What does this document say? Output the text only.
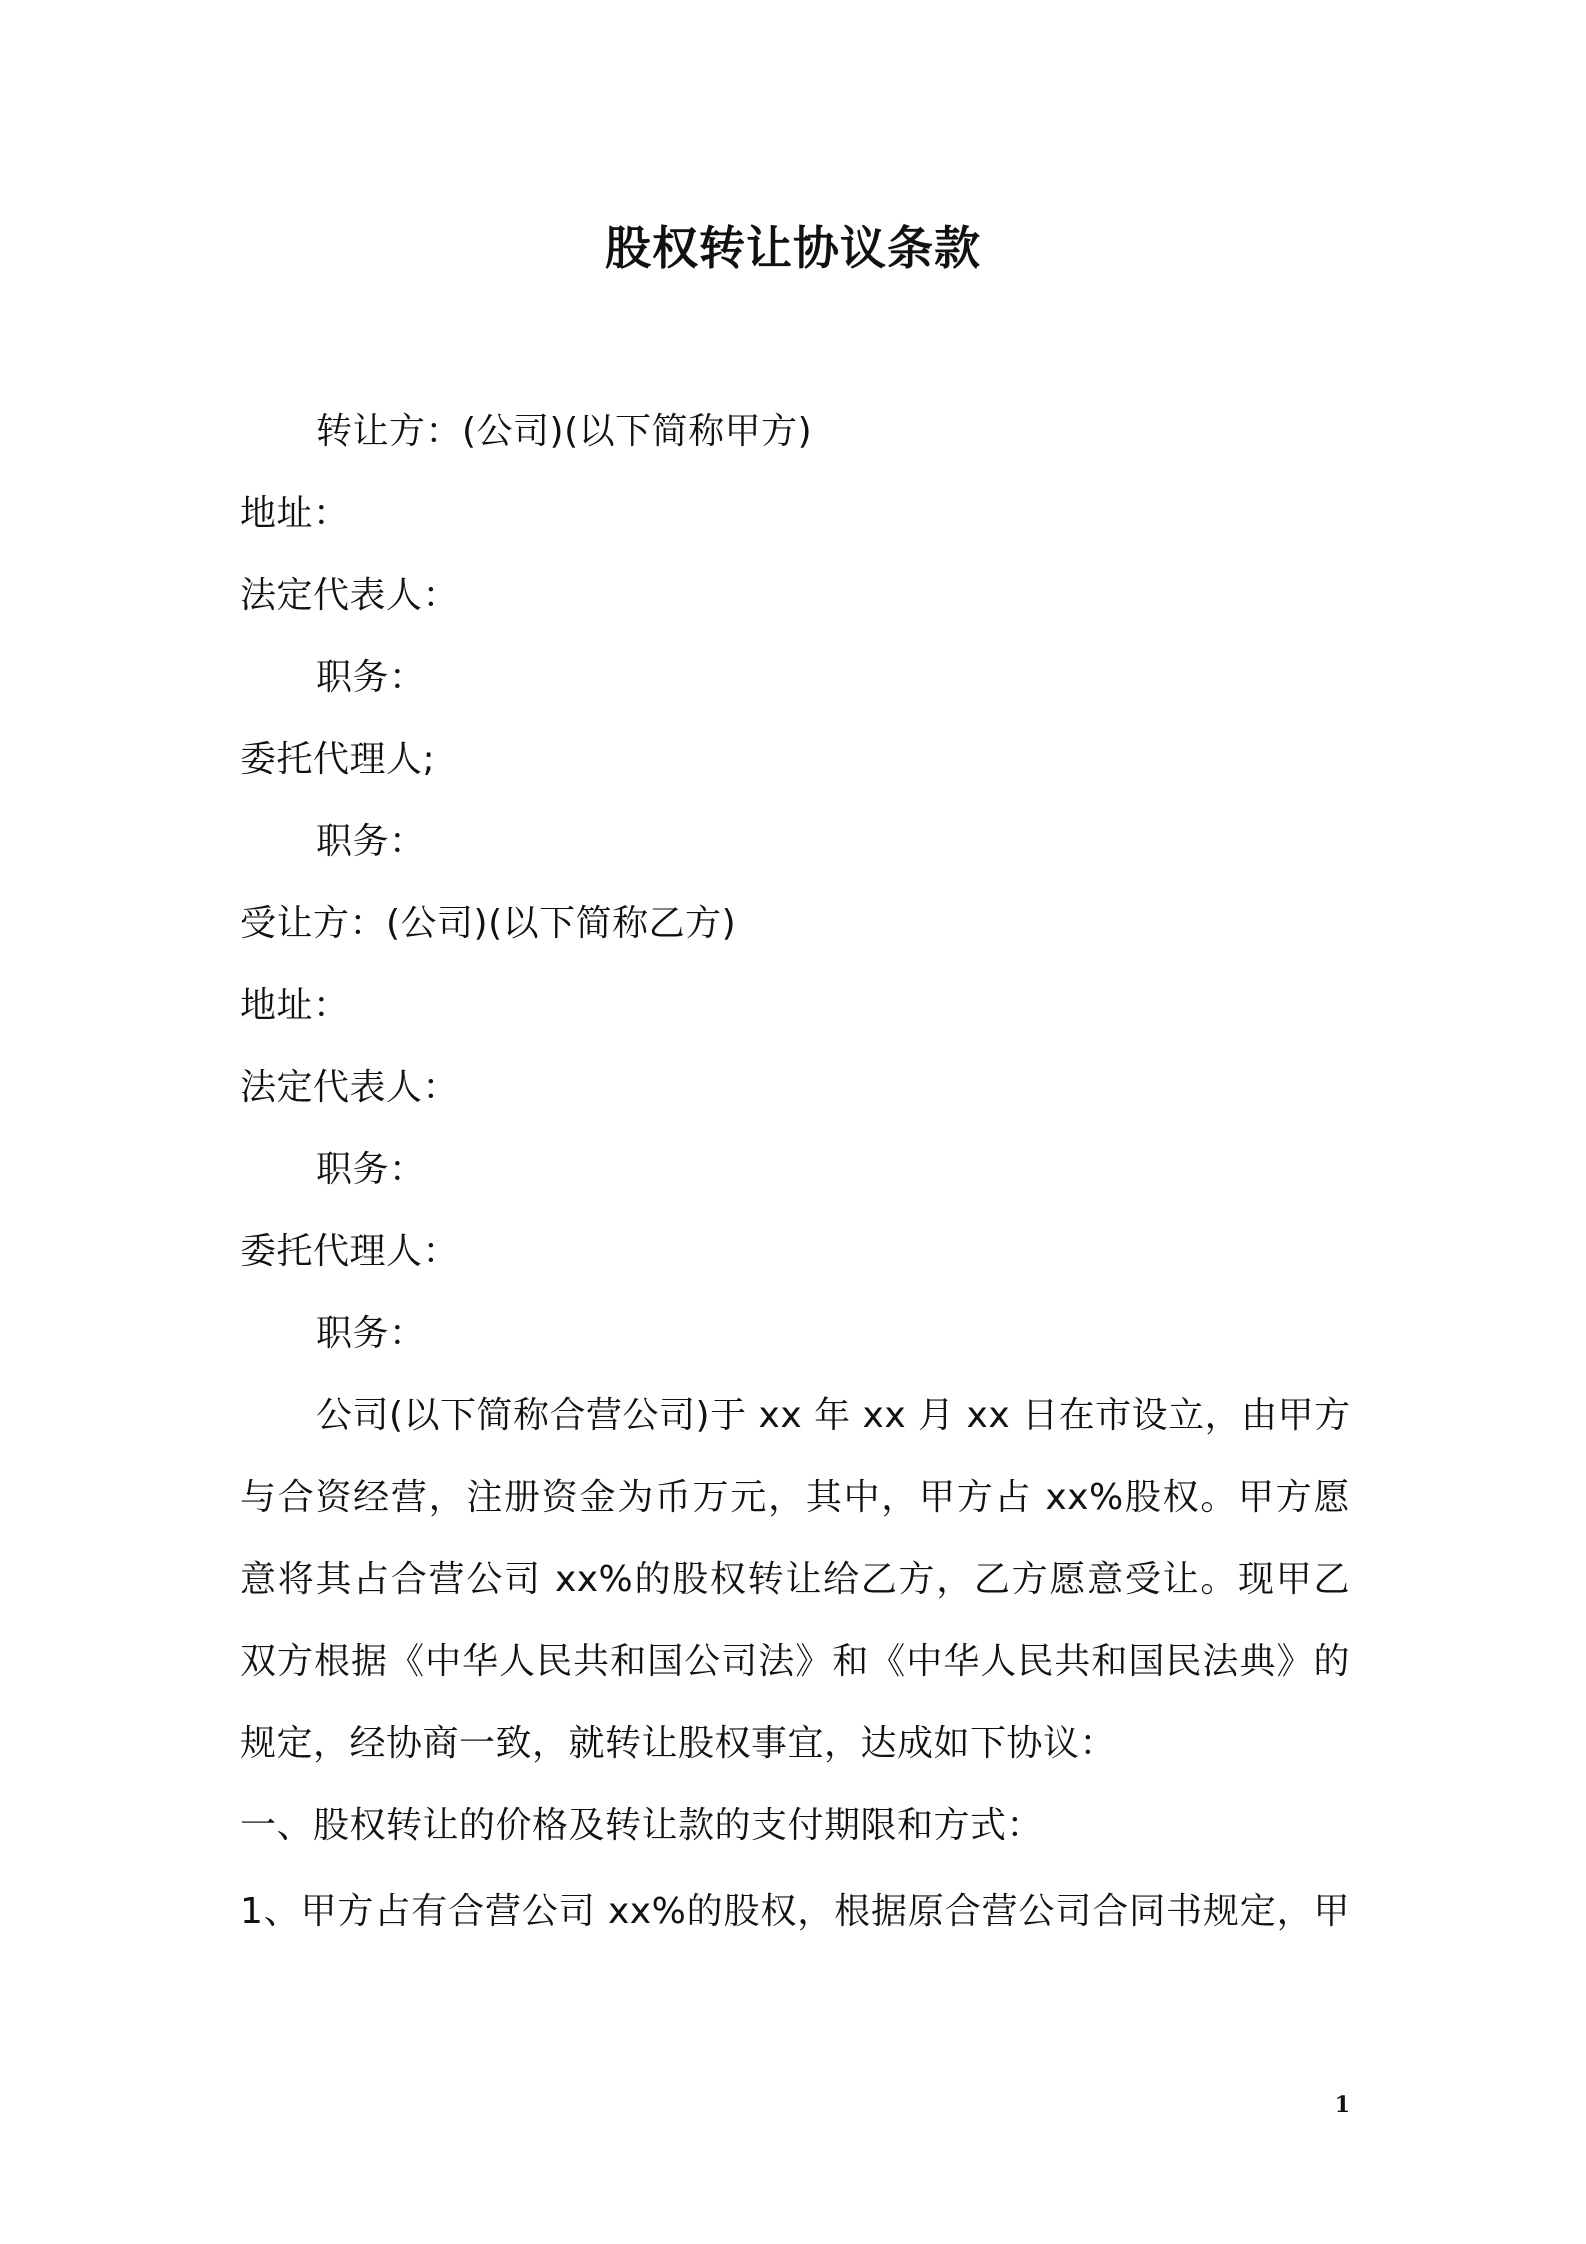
股权转让协议条款
转让方：(公司)(以下简称甲方)
地址：
法定代表人：
职务：
委托代理人;
职务：
受让方：(公司)(以下简称乙方)
地址：
法定代表人：
职务：
委托代理人：
职务：
公司(以下简称合营公司)于 xx 年 xx 月 xx 日在市设立，由甲方
与合资经营，注册资金为币万元，其中，甲方占 xx%股权。甲方愿
意将其占合营公司 xx%的股权转让给乙方，乙方愿意受让。现甲乙
双方根据《中华人民共和国公司法》和《中华人民共和国民法典》的
规定，经协商一致，就转让股权事宜，达成如下协议：
一、股权转让的价格及转让款的支付期限和方式：
1、甲方占有合营公司 xx%的股权，根据原合营公司合同书规定，甲
1
